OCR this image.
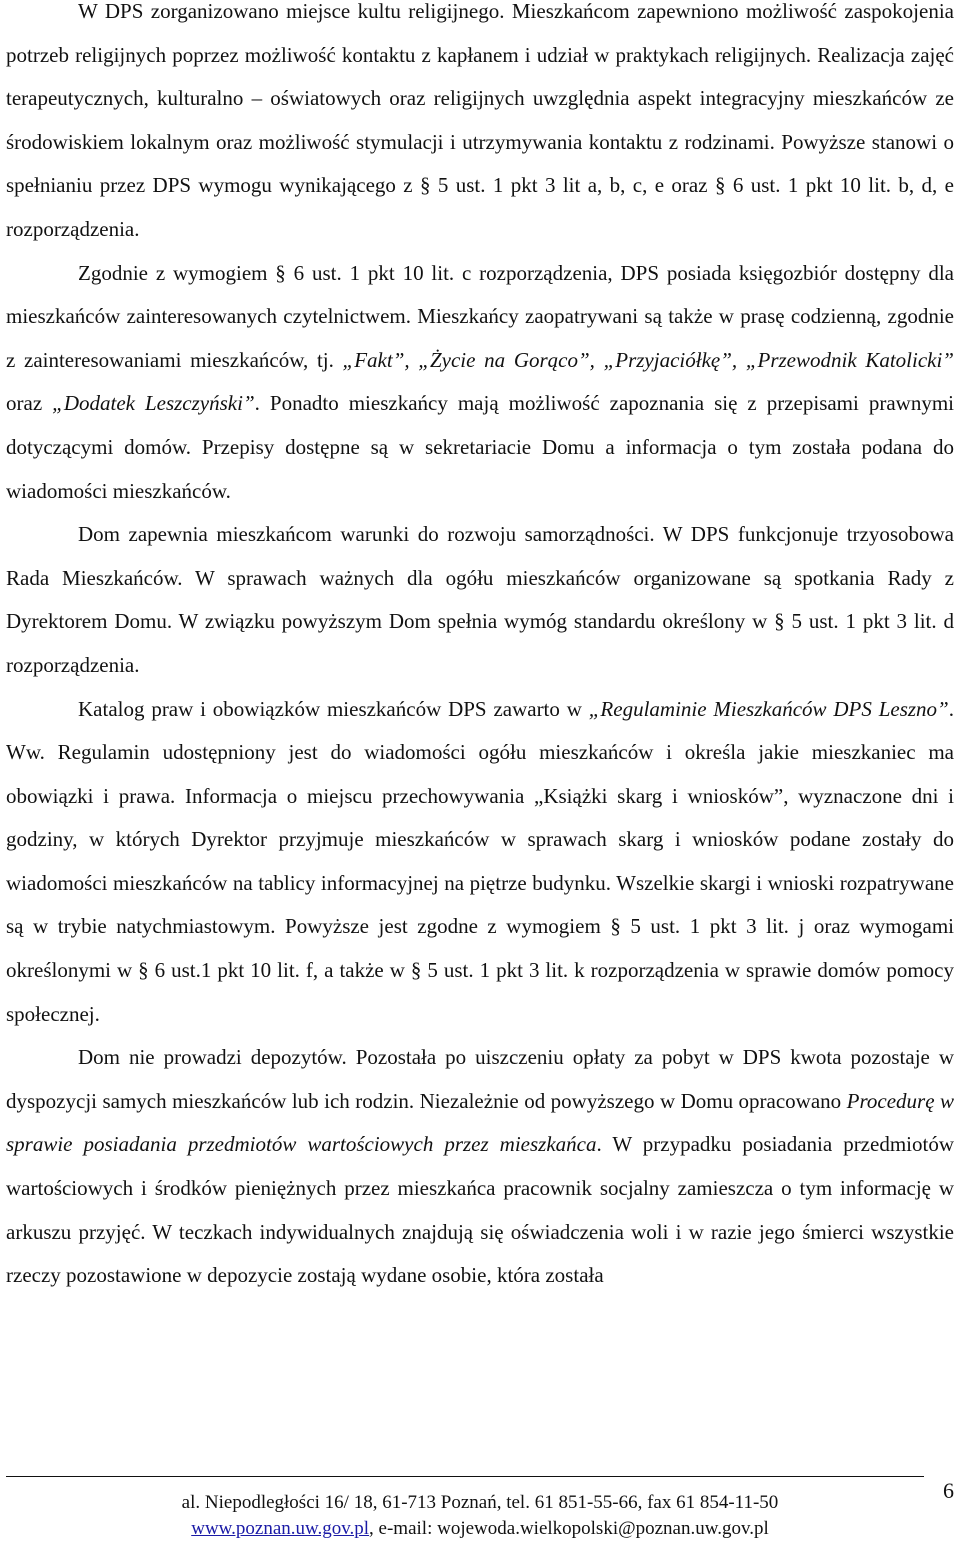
W DPS zorganizowano miejsce kultu religijnego. Mieszkańcom zapewniono możliwość zaspokojenia potrzeb religijnych poprzez możliwość kontaktu z kapłanem i udział w praktykach religijnych. Realizacja zajęć terapeutycznych, kulturalno – oświatowych oraz religijnych uwzględnia aspekt integracyjny mieszkańców ze środowiskiem lokalnym oraz możliwość stymulacji i utrzymywania kontaktu z rodzinami. Powyższe stanowi o spełnianiu przez DPS wymogu wynikającego z § 5 ust. 1 pkt 3 lit a, b, c, e oraz § 6 ust. 1 pkt 10 lit. b, d, e rozporządzenia.

Zgodnie z wymogiem § 6 ust. 1 pkt 10 lit. c rozporządzenia, DPS posiada księgozbiór dostępny dla mieszkańców zainteresowanych czytelnictwem. Mieszkańcy zaopatrywani są także w prasę codzienną, zgodnie z zainteresowaniami mieszkańców, tj. „Fakt”, „Życie na Gorąco”, „Przyjaciółkę”, „Przewodnik Katolicki” oraz „Dodatek Leszczyński”. Ponadto mieszkańcy mają możliwość zapoznania się z przepisami prawnymi dotyczącymi domów. Przepisy dostępne są w sekretariacie Domu a informacja o tym została podana do wiadomości mieszkańców.

Dom zapewnia mieszkańcom warunki do rozwoju samorządności. W DPS funkcjonuje trzyosobowa Rada Mieszkańców. W sprawach ważnych dla ogółu mieszkańców organizowane są spotkania Rady z Dyrektorem Domu. W związku powyższym Dom spełnia wymóg standardu określony w § 5 ust. 1 pkt 3 lit. d rozporządzenia.

Katalog praw i obowiązków mieszkańców DPS zawarto w „Regulaminie Mieszkańców DPS Leszno”. Ww. Regulamin udostępniony jest do wiadomości ogółu mieszkańców i określa jakie mieszkaniec ma obowiązki i prawa. Informacja o miejscu przechowywania „Książki skarg i wniosków”, wyznaczone dni i godziny, w których Dyrektor przyjmuje mieszkańców w sprawach skarg i wniosków podane zostały do wiadomości mieszkańców na tablicy informacyjnej na piętrze budynku. Wszelkie skargi i wnioski rozpatrywane są w trybie natychmiastowym. Powyższe jest zgodne z wymogiem § 5 ust. 1 pkt 3 lit. j oraz wymogami określonymi w § 6 ust.1 pkt 10 lit. f, a także w § 5 ust. 1 pkt 3 lit. k rozporządzenia w sprawie domów pomocy społecznej.

Dom nie prowadzi depozytów. Pozostała po uiszczeniu opłaty za pobyt w DPS kwota pozostaje w dyspozycji samych mieszkańców lub ich rodzin. Niezależnie od powyższego w Domu opracowano Procedurę w sprawie posiadania przedmiotów wartościowych przez mieszkańca. W przypadku posiadania przedmiotów wartościowych i środków pieniężnych przez mieszkańca pracownik socjalny zamieszcza o tym informację w arkuszu przyjęć. W teczkach indywidualnych znajdują się oświadczenia woli i w razie jego śmierci wszystkie rzeczy pozostawione w depozycie zostają wydane osobie, która została

6
al. Niepodległości 16/ 18, 61-713 Poznań, tel. 61 851-55-66, fax 61 854-11-50
www.poznan.uw.gov.pl, e-mail: wojewoda.wielkopolski@poznan.uw.gov.pl
